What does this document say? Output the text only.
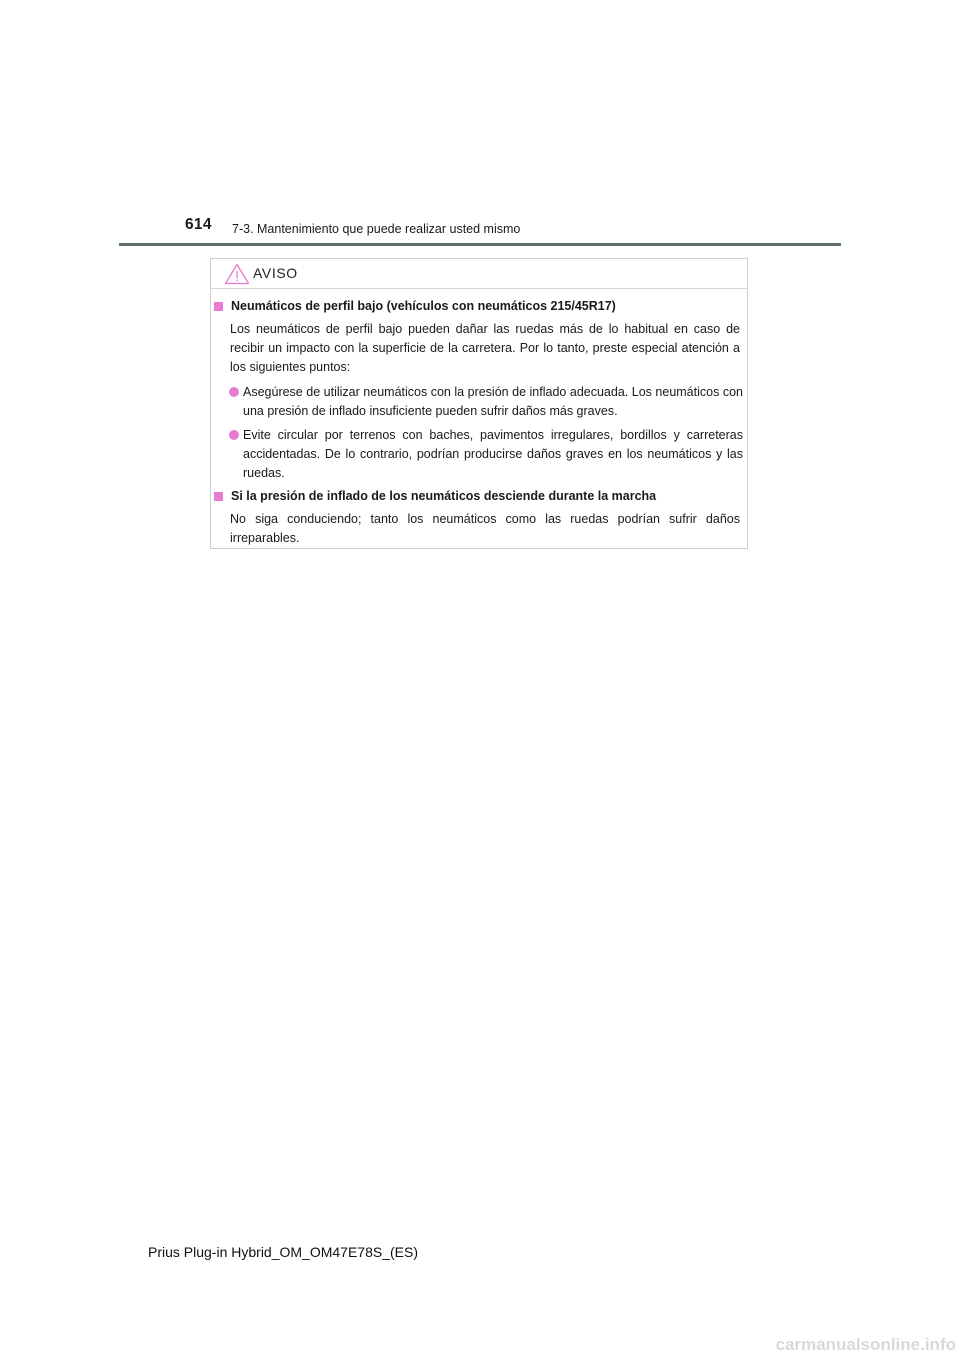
614 7-3. Mantenimiento que puede realizar usted mismo
AVISO
Neumáticos de perfil bajo (vehículos con neumáticos 215/45R17)
Los neumáticos de perfil bajo pueden dañar las ruedas más de lo habitual en caso de recibir un impacto con la superficie de la carretera. Por lo tanto, preste especial atención a los siguientes puntos:
Asegúrese de utilizar neumáticos con la presión de inflado adecuada. Los neumáticos con una presión de inflado insuficiente pueden sufrir daños más graves.
Evite circular por terrenos con baches, pavimentos irregulares, bordillos y carreteras accidentadas. De lo contrario, podrían producirse daños graves en los neumáticos y las ruedas.
Si la presión de inflado de los neumáticos desciende durante la marcha
No siga conduciendo; tanto los neumáticos como las ruedas podrían sufrir daños irreparables.
Prius Plug-in Hybrid_OM_OM47E78S_(ES)
carmanualsonline.info
